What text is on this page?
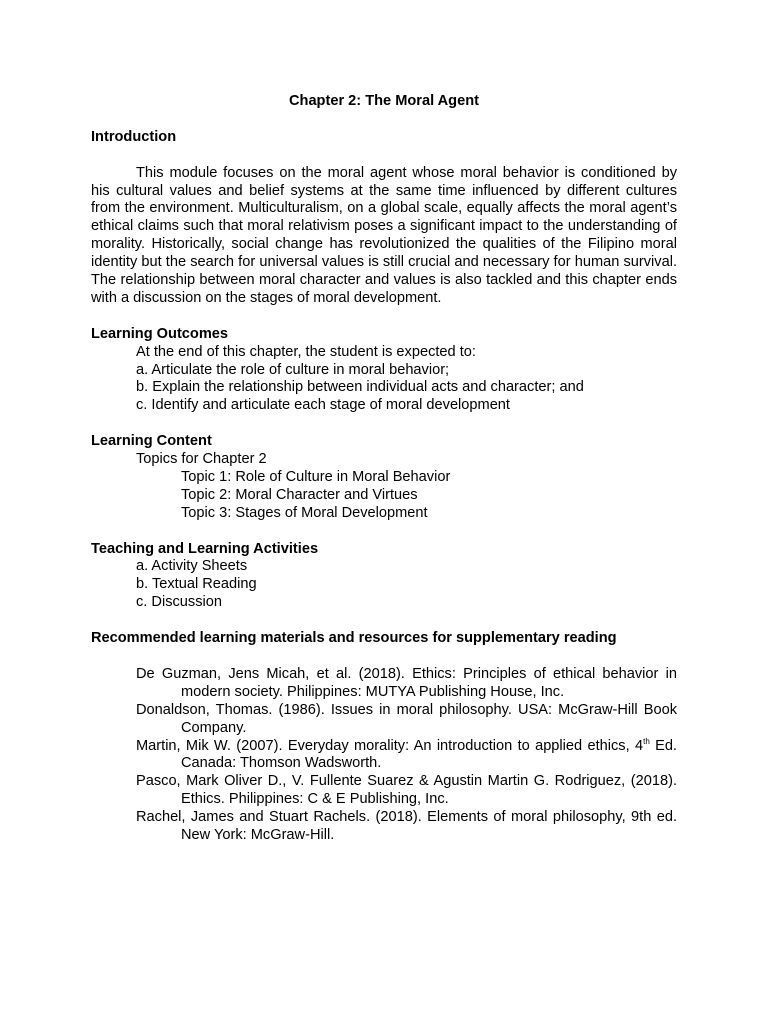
Chapter 2: The Moral Agent

Introduction

This module focuses on the moral agent whose moral behavior is conditioned by his cultural values and belief systems at the same time influenced by different cultures from the environment. Multiculturalism, on a global scale, equally affects the moral agent’s ethical claims such that moral relativism poses a significant impact to the understanding of morality. Historically, social change has revolutionized the qualities of the Filipino moral identity but the search for universal values is still crucial and necessary for human survival. The relationship between moral character and values is also tackled and this chapter ends with a discussion on the stages of moral development.

Learning Outcomes

At the end of this chapter, the student is expected to:

a. Articulate the role of culture in moral behavior;

b. Explain the relationship between individual acts and character; and

c. Identify and articulate each stage of moral development

Learning Content

Topics for Chapter 2

Topic 1: Role of Culture in Moral Behavior

Topic 2: Moral Character and Virtues

Topic 3: Stages of Moral Development

Teaching and Learning Activities

a. Activity Sheets

b. Textual Reading

c. Discussion

Recommended learning materials and resources for supplementary reading

De Guzman, Jens Micah, et al. (2018). Ethics: Principles of ethical behavior in modern society. Philippines: MUTYA Publishing House, Inc.

Donaldson, Thomas. (1986). Issues in moral philosophy. USA: McGraw-Hill Book Company.

Martin, Mik W. (2007). Everyday morality: An introduction to applied ethics, 4th Ed. Canada: Thomson Wadsworth.

Pasco, Mark Oliver D., V. Fullente Suarez & Agustin Martin G. Rodriguez, (2018). Ethics. Philippines: C & E Publishing, Inc.

Rachel, James and Stuart Rachels. (2018). Elements of moral philosophy, 9th ed. New York: McGraw-Hill.
